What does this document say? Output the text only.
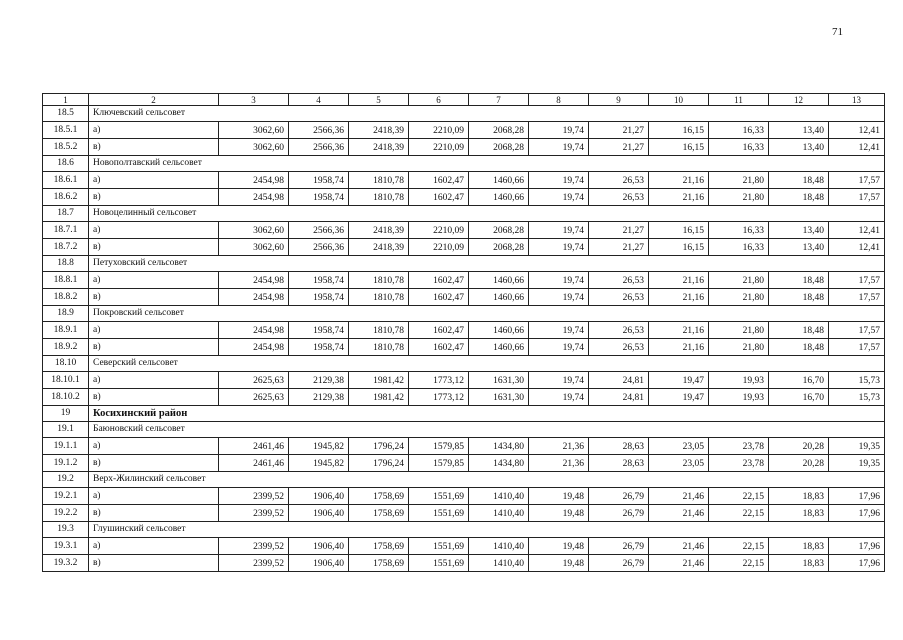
71
1	2	3	4	5	6	7	8	9	10	11	12	13
18.5	Ключевский сельсовет											
18.5.1	а)	3062,60	2566,36	2418,39	2210,09	2068,28	19,74	21,27	16,15	16,33	13,40	12,41
18.5.2	в)	3062,60	2566,36	2418,39	2210,09	2068,28	19,74	21,27	16,15	16,33	13,40	12,41
18.6	Новополтавский сельсовет											
18.6.1	а)	2454,98	1958,74	1810,78	1602,47	1460,66	19,74	26,53	21,16	21,80	18,48	17,57
18.6.2	в)	2454,98	1958,74	1810,78	1602,47	1460,66	19,74	26,53	21,16	21,80	18,48	17,57
18.7	Новоцелинный сельсовет											
18.7.1	а)	3062,60	2566,36	2418,39	2210,09	2068,28	19,74	21,27	16,15	16,33	13,40	12,41
18.7.2	в)	3062,60	2566,36	2418,39	2210,09	2068,28	19,74	21,27	16,15	16,33	13,40	12,41
18.8	Петуховский сельсовет											
18.8.1	а)	2454,98	1958,74	1810,78	1602,47	1460,66	19,74	26,53	21,16	21,80	18,48	17,57
18.8.2	в)	2454,98	1958,74	1810,78	1602,47	1460,66	19,74	26,53	21,16	21,80	18,48	17,57
18.9	Покровский сельсовет											
18.9.1	а)	2454,98	1958,74	1810,78	1602,47	1460,66	19,74	26,53	21,16	21,80	18,48	17,57
18.9.2	в)	2454,98	1958,74	1810,78	1602,47	1460,66	19,74	26,53	21,16	21,80	18,48	17,57
18.10	Северский сельсовет											
18.10.1	а)	2625,63	2129,38	1981,42	1773,12	1631,30	19,74	24,81	19,47	19,93	16,70	15,73
18.10.2	в)	2625,63	2129,38	1981,42	1773,12	1631,30	19,74	24,81	19,47	19,93	16,70	15,73
19	Косихинский район											
19.1	Баюновский сельсовет											
19.1.1	а)	2461,46	1945,82	1796,24	1579,85	1434,80	21,36	28,63	23,05	23,78	20,28	19,35
19.1.2	в)	2461,46	1945,82	1796,24	1579,85	1434,80	21,36	28,63	23,05	23,78	20,28	19,35
19.2	Верх-Жилинский сельсовет											
19.2.1	а)	2399,52	1906,40	1758,69	1551,69	1410,40	19,48	26,79	21,46	22,15	18,83	17,96
19.2.2	в)	2399,52	1906,40	1758,69	1551,69	1410,40	19,48	26,79	21,46	22,15	18,83	17,96
19.3	Глушинский сельсовет											
19.3.1	а)	2399,52	1906,40	1758,69	1551,69	1410,40	19,48	26,79	21,46	22,15	18,83	17,96
19.3.2	в)	2399,52	1906,40	1758,69	1551,69	1410,40	19,48	26,79	21,46	22,15	18,83	17,96
